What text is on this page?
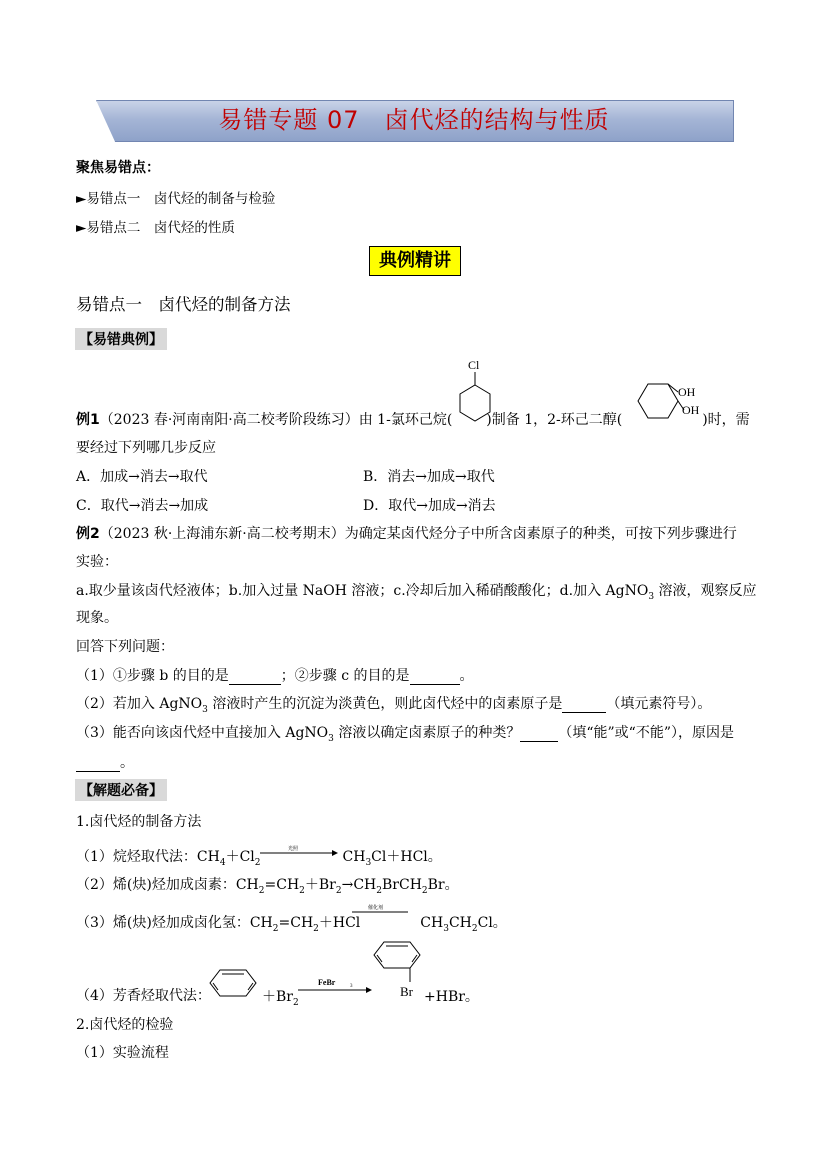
易错专题 07　卤代烃的结构与性质
聚焦易错点：
►易错点一　卤代烃的制备与检验
►易错点二　卤代烃的性质
典例精讲
易错点一　卤代烃的制备方法
【易错典例】
Cl
OH
OH
例1（2023 春·河南南阳·高二校考阶段练习）由 1-氯环己烷( )制备 1，2-环己二醇(	)时，需
要经过下列哪几步反应
A．加成→消去→取代	B．消去→加成→取代
C．取代→消去→加成	D．取代→加成→消去
例2（2023 秋·上海浦东新·高二校考期末）为确定某卤代烃分子中所含卤素原子的种类，可按下列步骤进行
实验：
a.取少量该卤代烃液体；b.加入过量 NaOH 溶液；c.冷却后加入稀硝酸酸化；d.加入 AgNO$_3$ 溶液，观察反应
现象。
回答下列问题：
（1）①步骤 b 的目的是	；②步骤 c 的目的是	。
（2）若加入 AgNO$_3$ 溶液时产生的沉淀为淡黄色，则此卤代烃中的卤素原子是	（填元素符号）。
（3）能否向该卤代烃中直接加入 AgNO$_3$ 溶液以确定卤素原子的种类？	（填“能”或“不能”），原因是
。
【解题必备】
1.卤代烃的制备方法
（1）烷烃取代法：$CH_4+Cl_2$	$CH_3Cl+HCl$。
光照
（2）烯(炔)烃加成卤素：$CH_2=CH_2+Br_2\to CH_2BrCH_2Br$。
（3）烯(炔)烃加成卤化氢：$CH_2=CH_2+HCl$	$CH_3CH_2Cl$。
催化剂
（4）芳香烃取代法：	$+Br_2$
FeBr	3	Br +HBr。
2.卤代烃的检验
（1）实验流程
